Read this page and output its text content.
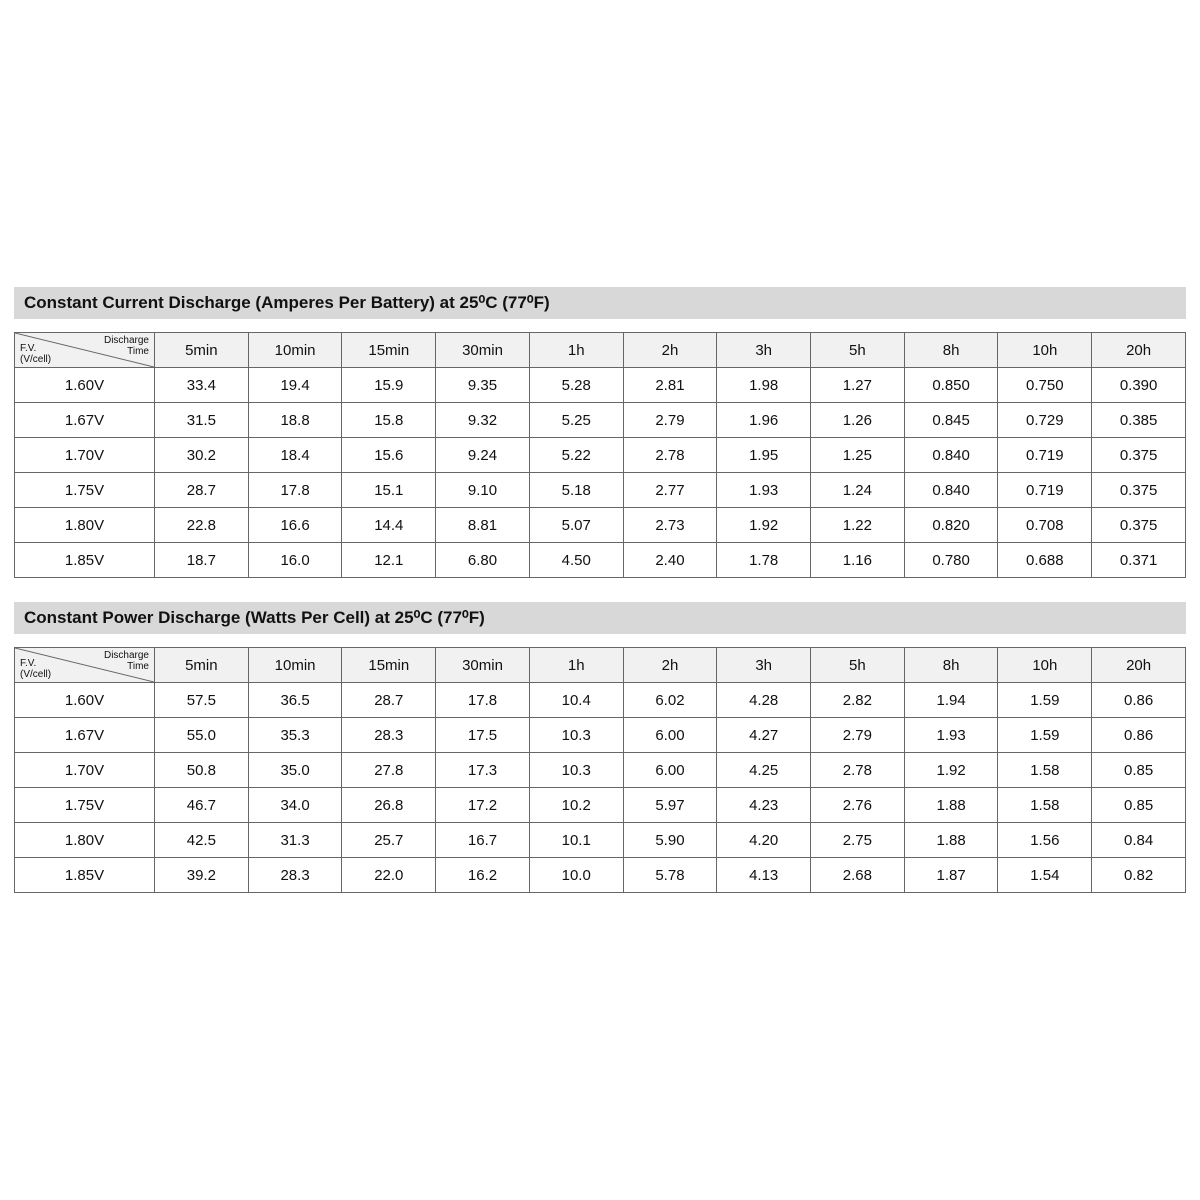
Constant Current Discharge (Amperes Per Battery) at 25⁰C (77⁰F)
Discharge
Time
F.V.
(V/cell)	5min	10min	15min	30min	1h	2h	3h	5h	8h	10h	20h
1.60V	33.4	19.4	15.9	9.35	5.28	2.81	1.98	1.27	0.850	0.750	0.390
1.67V	31.5	18.8	15.8	9.32	5.25	2.79	1.96	1.26	0.845	0.729	0.385
1.70V	30.2	18.4	15.6	9.24	5.22	2.78	1.95	1.25	0.840	0.719	0.375
1.75V	28.7	17.8	15.1	9.10	5.18	2.77	1.93	1.24	0.840	0.719	0.375
1.80V	22.8	16.6	14.4	8.81	5.07	2.73	1.92	1.22	0.820	0.708	0.375
1.85V	18.7	16.0	12.1	6.80	4.50	2.40	1.78	1.16	0.780	0.688	0.371
Constant Power Discharge (Watts Per Cell) at 25⁰C (77⁰F)
Discharge
Time
F.V.
(V/cell)	5min	10min	15min	30min	1h	2h	3h	5h	8h	10h	20h
1.60V	57.5	36.5	28.7	17.8	10.4	6.02	4.28	2.82	1.94	1.59	0.86
1.67V	55.0	35.3	28.3	17.5	10.3	6.00	4.27	2.79	1.93	1.59	0.86
1.70V	50.8	35.0	27.8	17.3	10.3	6.00	4.25	2.78	1.92	1.58	0.85
1.75V	46.7	34.0	26.8	17.2	10.2	5.97	4.23	2.76	1.88	1.58	0.85
1.80V	42.5	31.3	25.7	16.7	10.1	5.90	4.20	2.75	1.88	1.56	0.84
1.85V	39.2	28.3	22.0	16.2	10.0	5.78	4.13	2.68	1.87	1.54	0.82
